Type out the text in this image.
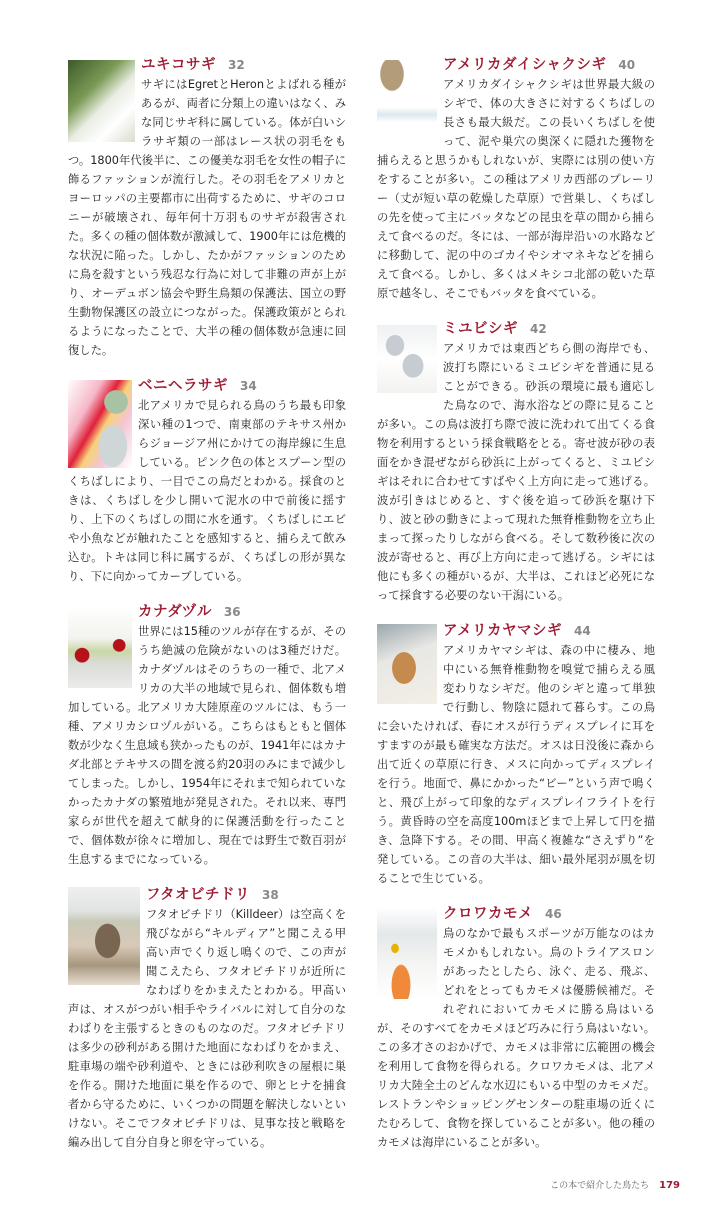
ユキコサギ 32

サギにはEgretとHeronとよばれる種があるが、両者に分類上の違いはなく、みな同じサギ科に属している。体が白いシラサギ類の一部はレース状の羽毛をもつ。1800年代後半に、この優美な羽毛を女性の帽子に飾るファッションが流行した。その羽毛をアメリカとヨーロッパの主要都市に出荷するために、サギのコロニーが破壊され、毎年何十万羽ものサギが殺害された。多くの種の個体数が激減して、1900年には危機的な状況に陥った。しかし、たかがファッションのために鳥を殺すという残忍な行為に対して非難の声が上がり、オーデュボン協会や野生鳥類の保護法、国立の野生動物保護区の設立につながった。保護政策がとられるようになったことで、大半の種の個体数が急速に回復した。

ベニヘラサギ 34

北アメリカで見られる鳥のうち最も印象深い種の1つで、南東部のテキサス州からジョージア州にかけての海岸線に生息している。ピンク色の体とスプーン型のくちばしにより、一目でこの鳥だとわかる。採食のときは、くちばしを少し開いて泥水の中で前後に揺すり、上下のくちばしの間に水を通す。くちばしにエビや小魚などが触れたことを感知すると、捕らえて飲み込む。トキは同じ科に属するが、くちばしの形が異なり、下に向かってカーブしている。

カナダヅル 36

世界には15種のツルが存在するが、そのうち絶滅の危険がないのは3種だけだ。カナダヅルはそのうちの一種で、北アメリカの大半の地域で見られ、個体数も増加している。北アメリカ大陸原産のツルには、もう一種、アメリカシロヅルがいる。こちらはもともと個体数が少なく生息域も狭かったものが、1941年にはカナダ北部とテキサスの間を渡る約20羽のみにまで減少してしまった。しかし、1954年にそれまで知られていなかったカナダの繁殖地が発見された。それ以来、専門家らが世代を超えて献身的に保護活動を行ったことで、個体数が徐々に増加し、現在では野生で数百羽が生息するまでになっている。

フタオビチドリ 38

フタオビチドリ（Killdeer）は空高くを飛びながら“キルディア”と聞こえる甲高い声でくり返し鳴くので、この声が聞こえたら、フタオビチドリが近所になわばりをかまえたとわかる。甲高い声は、オスがつがい相手やライバルに対して自分のなわばりを主張するときのものなのだ。フタオビチドリは多少の砂利がある開けた地面になわばりをかまえ、駐車場の端や砂利道や、ときには砂利吹きの屋根に巣を作る。開けた地面に巣を作るので、卵とヒナを捕食者から守るために、いくつかの問題を解決しないといけない。そこでフタオビチドリは、見事な技と戦略を編み出して自分自身と卵を守っている。

アメリカダイシャクシギ 40

アメリカダイシャクシギは世界最大級のシギで、体の大きさに対するくちばしの長さも最大級だ。この長いくちばしを使って、泥や巣穴の奥深くに隠れた獲物を捕らえると思うかもしれないが、実際には別の使い方をすることが多い。この種はアメリカ西部のプレーリー（丈が短い草の乾燥した草原）で営巣し、くちばしの先を使って主にバッタなどの昆虫を草の間から捕らえて食べるのだ。冬には、一部が海岸沿いの水路などに移動して、泥の中のゴカイやシオマネキなどを捕らえて食べる。しかし、多くはメキシコ北部の乾いた草原で越冬し、そこでもバッタを食べている。

ミユビシギ 42

アメリカでは東西どちら側の海岸でも、波打ち際にいるミユビシギを普通に見ることができる。砂浜の環境に最も適応した鳥なので、海水浴などの際に見ることが多い。この鳥は波打ち際で波に洗われて出てくる食物を利用するという採食戦略をとる。寄せ波が砂の表面をかき混ぜながら砂浜に上がってくると、ミユビシギはそれに合わせてすばやく上方向に走って逃げる。波が引きはじめると、すぐ後を追って砂浜を駆け下り、波と砂の動きによって現れた無脊椎動物を立ち止まって探ったりしながら食べる。そして数秒後に次の波が寄せると、再び上方向に走って逃げる。シギには他にも多くの種がいるが、大半は、これほど必死になって採食する必要のない干潟にいる。

アメリカヤマシギ 44

アメリカヤマシギは、森の中に棲み、地中にいる無脊椎動物を嗅覚で捕らえる風変わりなシギだ。他のシギと違って単独で行動し、物陰に隠れて暮らす。この鳥に会いたければ、春にオスが行うディスプレイに耳をすますのが最も確実な方法だ。オスは日没後に森から出て近くの草原に行き、メスに向かってディスプレイを行う。地面で、鼻にかかった“ビー”という声で鳴くと、飛び上がって印象的なディスプレイフライトを行う。黄昏時の空を高度100mほどまで上昇して円を描き、急降下する。その間、甲高く複雑な“さえずり”を発している。この音の大半は、細い最外尾羽が風を切ることで生じている。

クロワカモメ 46

鳥のなかで最もスポーツが万能なのはカモメかもしれない。鳥のトライアスロンがあったとしたら、泳ぐ、走る、飛ぶ、どれをとってもカモメは優勝候補だ。それぞれにおいてカモメに勝る鳥はいるが、そのすべてをカモメほど巧みに行う鳥はいない。この多才さのおかげで、カモメは非常に広範囲の機会を利用して食物を得られる。クロワカモメは、北アメリカ大陸全土のどんな水辺にもいる中型のカモメだ。レストランやショッピングセンターの駐車場の近くにたむろして、食物を探していることが多い。他の種のカモメは海岸にいることが多い。

この本で紹介した鳥たち 179
